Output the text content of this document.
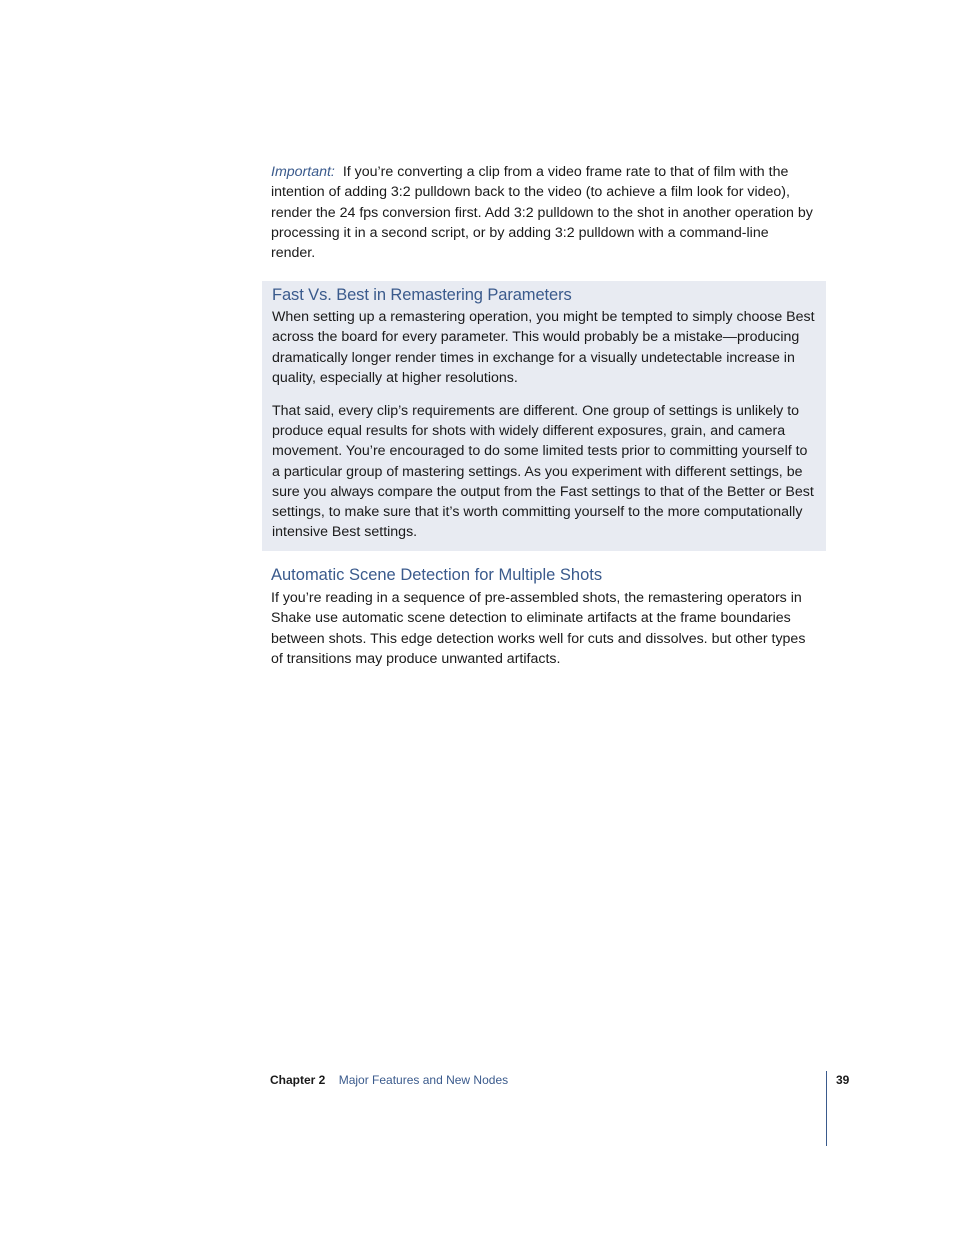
Important: If you’re converting a clip from a video frame rate to that of film with the intention of adding 3:2 pulldown back to the video (to achieve a film look for video), render the 24 fps conversion first. Add 3:2 pulldown to the shot in another operation by processing it in a second script, or by adding 3:2 pulldown with a command-line render.
Fast Vs. Best in Remastering Parameters

When setting up a remastering operation, you might be tempted to simply choose Best across the board for every parameter. This would probably be a mistake—producing dramatically longer render times in exchange for a visually undetectable increase in quality, especially at higher resolutions.

That said, every clip’s requirements are different. One group of settings is unlikely to produce equal results for shots with widely different exposures, grain, and camera movement. You’re encouraged to do some limited tests prior to committing yourself to a particular group of mastering settings. As you experiment with different settings, be sure you always compare the output from the Fast settings to that of the Better or Best settings, to make sure that it’s worth committing yourself to the more computationally intensive Best settings.

Automatic Scene Detection for Multiple Shots
If you’re reading in a sequence of pre-assembled shots, the remastering operators in Shake use automatic scene detection to eliminate artifacts at the frame boundaries between shots. This edge detection works well for cuts and dissolves. but other types of transitions may produce unwanted artifacts.
Chapter 2 Major Features and New Nodes	39
